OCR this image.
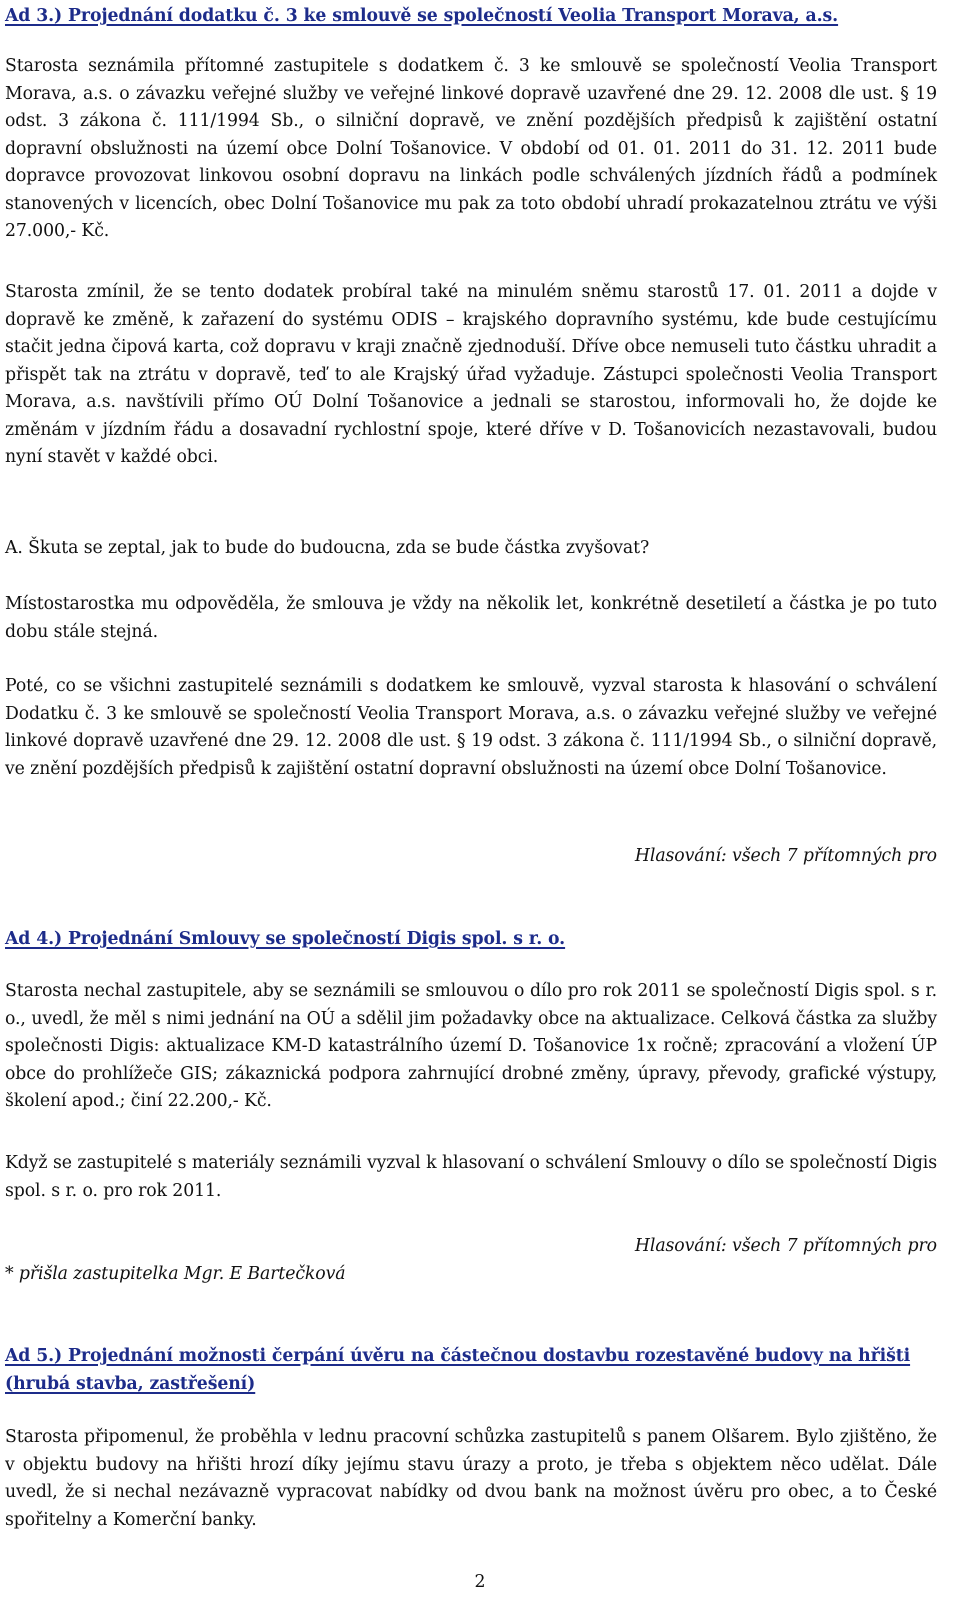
Ad 3.) Projednání dodatku č. 3 ke smlouvě se společností Veolia Transport Morava, a.s.

Starosta seznámila přítomné zastupitele s dodatkem č. 3 ke smlouvě se společností Veolia Transport Morava, a.s. o závazku veřejné služby ve veřejné linkové dopravě uzavřené dne 29. 12. 2008 dle ust. § 19 odst. 3 zákona č. 111/1994 Sb., o silniční dopravě, ve znění pozdějších předpisů k zajištění ostatní dopravní obslužnosti na území obce Dolní Tošanovice. V období od 01. 01. 2011 do 31. 12. 2011 bude dopravce provozovat linkovou osobní dopravu na linkách podle schválených jízdních řádů a podmínek stanovených v licencích, obec Dolní Tošanovice mu pak za toto období uhradí prokazatelnou ztrátu ve výši 27.000,- Kč.

Starosta zmínil, že se tento dodatek probíral také na minulém sněmu starostů 17. 01. 2011 a dojde v dopravě ke změně, k zařazení do systému ODIS – krajského dopravního systému, kde bude cestujícímu stačit jedna čipová karta, což dopravu v kraji značně zjednoduší. Dříve obce nemuseli tuto částku uhradit a přispět tak na ztrátu v dopravě, teď to ale Krajský úřad vyžaduje. Zástupci společnosti Veolia Transport Morava, a.s. navštívili přímo OÚ Dolní Tošanovice a jednali se starostou, informovali ho, že dojde ke změnám v jízdním řádu a dosavadní rychlostní spoje, které dříve v D. Tošanovicích nezastavovali, budou nyní stavět v každé obci.

A. Škuta se zeptal, jak to bude do budoucna, zda se bude částka zvyšovat?

Místostarostka mu odpověděla, že smlouva je vždy na několik let, konkrétně desetiletí a částka je po tuto dobu stále stejná.

Poté, co se všichni zastupitelé seznámili s dodatkem ke smlouvě, vyzval starosta k hlasování o schválení Dodatku č. 3 ke smlouvě se společností Veolia Transport Morava, a.s. o závazku veřejné služby ve veřejné linkové dopravě uzavřené dne 29. 12. 2008 dle ust. § 19 odst. 3 zákona č. 111/1994 Sb., o silniční dopravě, ve znění pozdějších předpisů k zajištění ostatní dopravní obslužnosti na území obce Dolní Tošanovice.

Hlasování: všech 7 přítomných pro

Ad 4.) Projednání Smlouvy se společností Digis spol. s r. o.

Starosta nechal zastupitele, aby se seznámili se smlouvou o dílo pro rok 2011 se společností Digis spol. s r. o., uvedl, že měl s nimi jednání na OÚ a sdělil jim požadavky obce na aktualizace. Celková částka za služby společnosti Digis: aktualizace KM-D katastrálního území D. Tošanovice 1x ročně; zpracování a vložení ÚP obce do prohlížeče GIS; zákaznická podpora zahrnující drobné změny, úpravy, převody, grafické výstupy, školení apod.; činí 22.200,- Kč.

Když se zastupitelé s materiály seznámili vyzval k hlasovaní o schválení Smlouvy o dílo se společností Digis spol. s r. o. pro rok 2011.

Hlasování: všech 7 přítomných pro

* přišla zastupitelka Mgr. E Bartečková

Ad 5.) Projednání možnosti čerpání úvěru na částečnou dostavbu rozestavěné budovy na hřišti (hrubá stavba, zastřešení)

Starosta připomenul, že proběhla v lednu pracovní schůzka zastupitelů s panem Olšarem. Bylo zjištěno, že v objektu budovy na hřišti hrozí díky jejímu stavu úrazy a proto, je třeba s objektem něco udělat. Dále uvedl, že si nechal nezávazně vypracovat nabídky od dvou bank na možnost úvěru pro obec, a to České spořitelny a Komerční banky.

2
